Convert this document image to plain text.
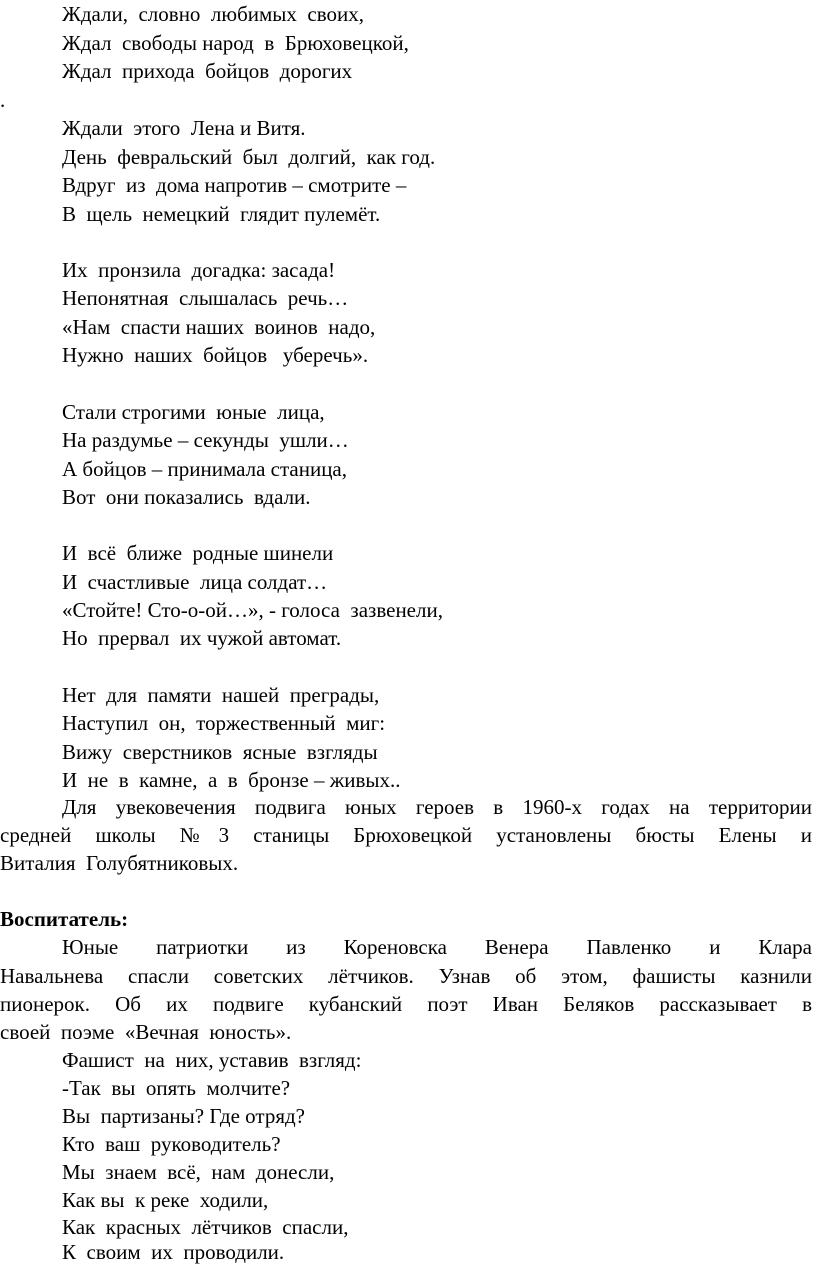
Ждали,  словно  любимых  своих,
Ждал  свободы народ  в  Брюховецкой,
Ждал  прихода  бойцов  дорогих
.
Ждали  этого  Лена и Витя.
День  февральский  был  долгий,  как год.
Вдруг  из  дома напротив – смотрите –
В  щель  немецкий  глядит пулемёт.
Их  пронзила  догадка: засада!
Непонятная  слышалась  речь…
«Нам  спасти наших  воинов  надо,
Нужно  наших  бойцов   уберечь».
Стали строгими  юные  лица,
На раздумье – секунды  ушли…
А бойцов – принимала станица,
Вот  они показались  вдали.
И  всё  ближе  родные шинели
И  счастливые  лица солдат…
«Стойте! Сто-о-ой…», - голоса  зазвенели,
Но  прервал  их чужой автомат.
Нет  для  памяти  нашей  преграды,
Наступил  он,  торжественный  миг:
Вижу  сверстников  ясные  взгляды
И  не  в  камне,  а  в  бронзе – живых..
Для увековечения подвига юных героев в 1960-х годах на территории
средней школы №3 станицы Брюховецкой установлены бюсты Елены и
Виталия  Голубятниковых.
Воспитатель:
Юные патриотки из Кореновска Венера Павленко и Клара
Навальнева спасли советских лётчиков. Узнав об этом, фашисты казнили
пионерок. Об их подвиге кубанский поэт Иван Беляков рассказывает в
своей  поэме  «Вечная  юность».
Фашист  на  них, уставив  взгляд:
-Так  вы  опять  молчите?
Вы  партизаны? Где отряд?
Кто  ваш  руководитель?
Мы  знаем  всё,  нам  донесли,
Как вы  к реке  ходили,
Как  красных  лётчиков  спасли,
К  своим  их  проводили.
